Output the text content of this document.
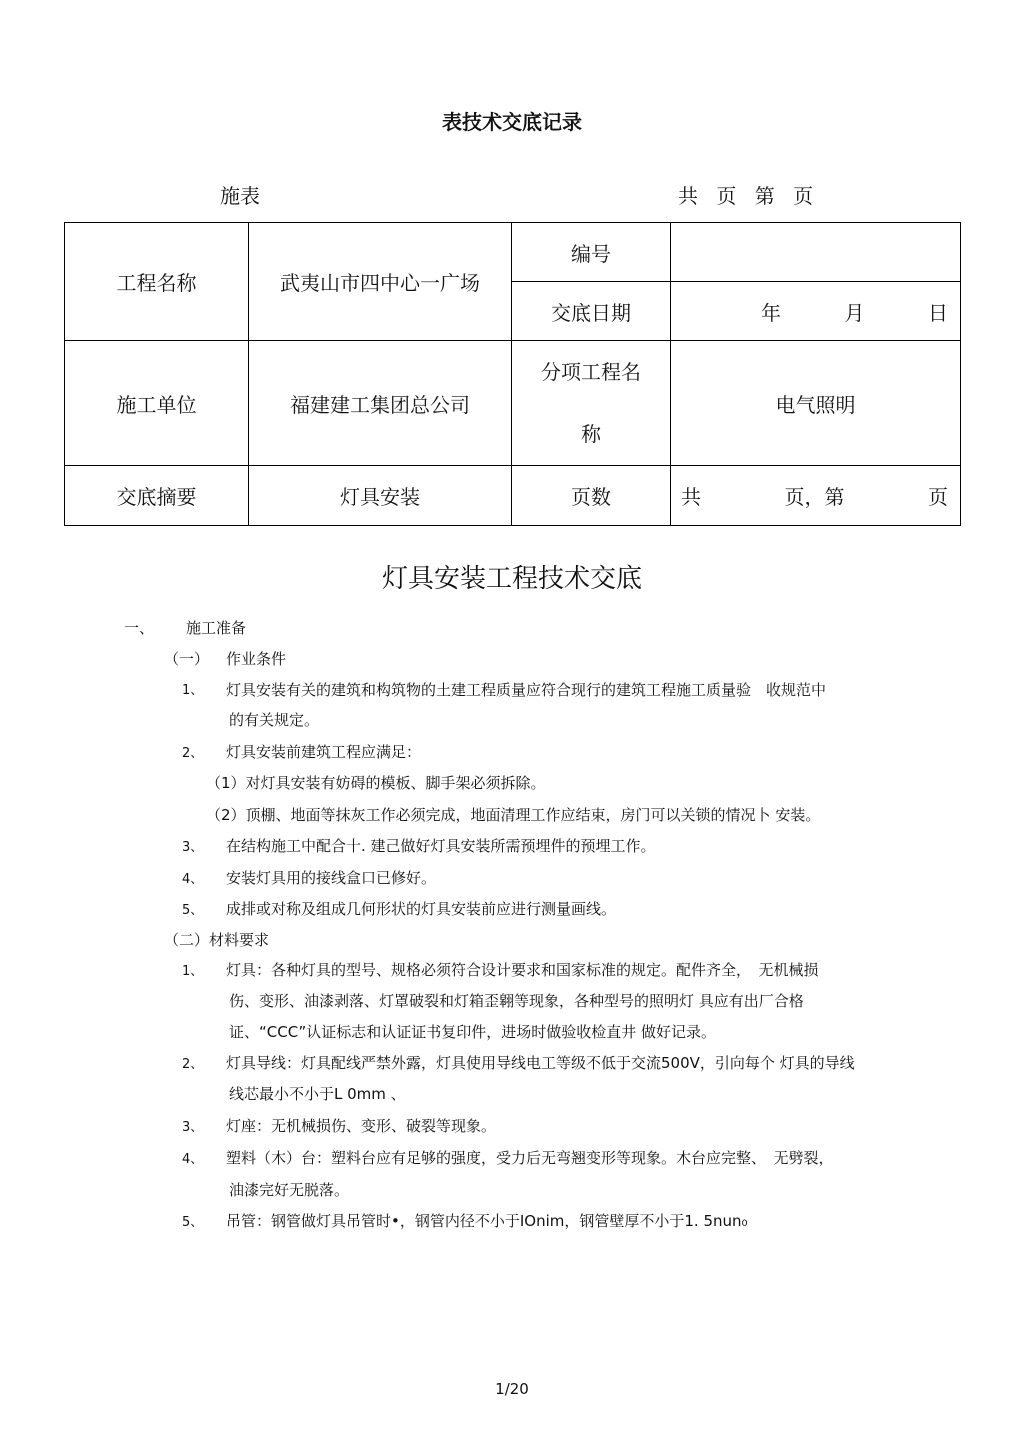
表技术交底记录
施表	共 页 第 页
工程名称	武夷山市四中心一广场	编号	
		交底日期	年 月 日

施工单位	福建建工集团总公司	分项工程名
称	电气照明
交底摘要	灯具安装	页数	共 页，第 页
灯具安装工程技术交底
一、 施工准备
（一） 作业条件
1、 灯具安装有关的建筑和构筑物的土建工程质量应符合现行的建筑工程施工质量验　收规范中
的有关规定。
2、 灯具安装前建筑工程应满足：
（1）对灯具安装有妨碍的模板、脚手架必须拆除。
（2）顶棚、地面等抹灰工作必须完成，地面清理工作应结束，房门可以关锁的情况卜 安装。
3、 在结构施工中配合十. 建己做好灯具安装所需预埋件的预埋工作。
4、 安装灯具用的接线盒口已修好。
5、 成排或对称及组成几何形状的灯具安装前应进行测量画线。
（二）材料要求
1、 灯具：各种灯具的型号、规格必须符合设计要求和国家标准的规定。配件齐全，　无机械损
伤、变形、油漆剥落、灯罩破裂和灯箱歪翱等现象，各种型号的照明灯 具应有出厂合格
证、“CCC”认证标志和认证证书复印件，进场时做验收检直井 做好记录。
2、 灯具导线：灯具配线严禁外露，灯具使用导线电工等级不低于交流500V，引向每个 灯具的导线
线芯最小不小于L 0mm 、
3、 灯座：无机械损伤、变形、破裂等现象。
4、 塑料（木）台：塑料台应有足够的强度，受力后无弯翘变形等现象。木台应完整、　无劈裂，
油漆完好无脱落。
5、 吊管：钢管做灯具吊管时•，钢管内径不小于IOnim，钢管壁厚不小于1. 5nun₀
1/20
